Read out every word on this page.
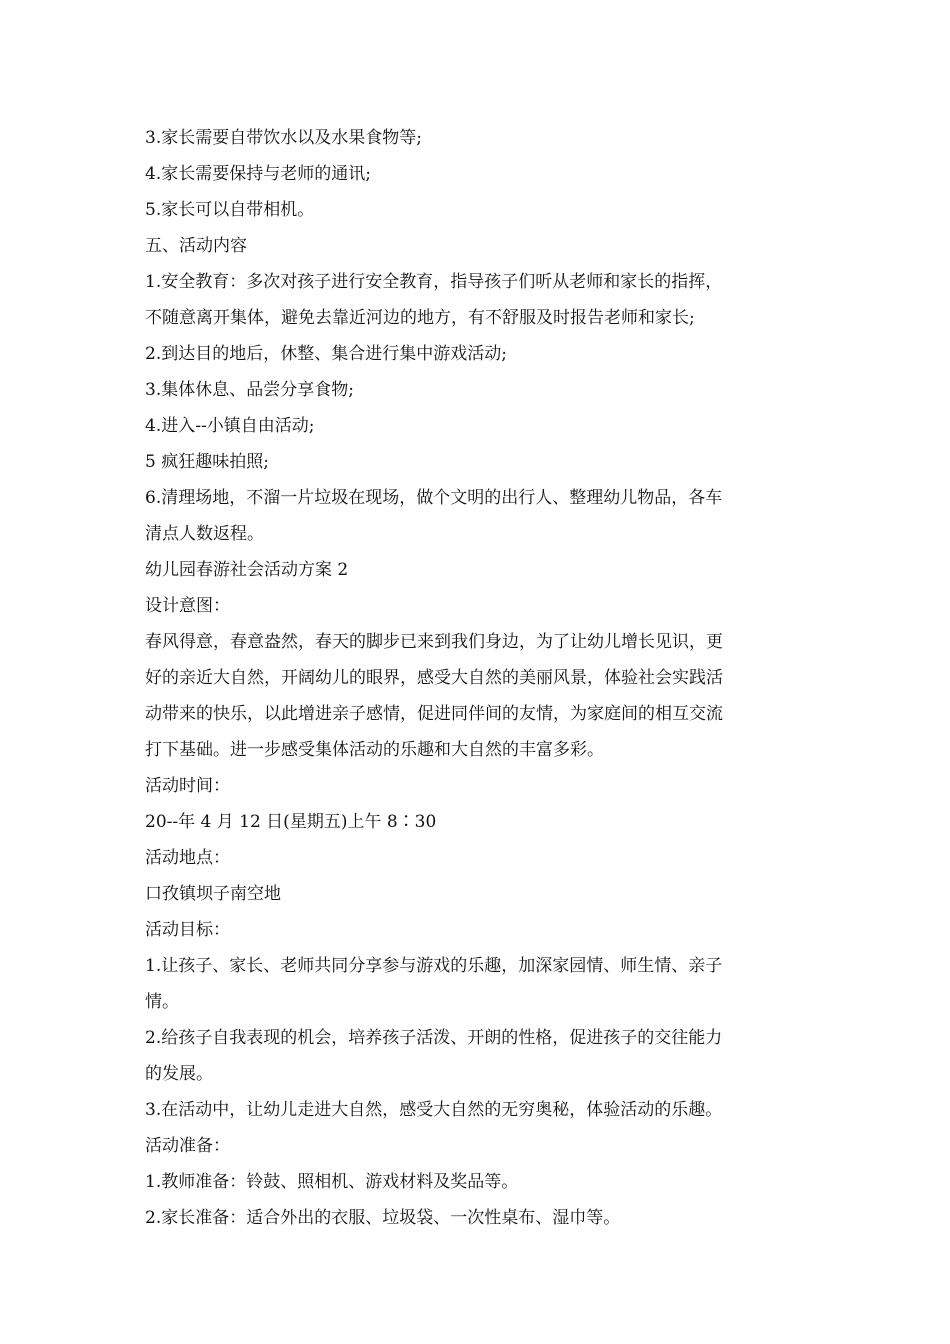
3.家长需要自带饮水以及水果食物等;

4.家长需要保持与老师的通讯;

5.家长可以自带相机。

五、活动内容

1.安全教育：多次对孩子进行安全教育，指导孩子们听从老师和家长的指挥，

不随意离开集体，避免去靠近河边的地方，有不舒服及时报告老师和家长;

2.到达目的地后，休整、集合进行集中游戏活动;

3.集体休息、品尝分享食物;

4.进入--小镇自由活动;

5 疯狂趣味拍照;

6.清理场地，不溜一片垃圾在现场，做个文明的出行人、整理幼儿物品，各车

清点人数返程。

幼儿园春游社会活动方案 2

设计意图：

春风得意，春意盎然，春天的脚步已来到我们身边，为了让幼儿增长见识，更

好的亲近大自然，开阔幼儿的眼界，感受大自然的美丽风景，体验社会实践活

动带来的快乐，以此增进亲子感情，促进同伴间的友情，为家庭间的相互交流

打下基础。进一步感受集体活动的乐趣和大自然的丰富多彩。

活动时间：

20--年 4 月 12 日(星期五)上午 8∶30

活动地点：

口孜镇坝子南空地

活动目标：

1.让孩子、家长、老师共同分享参与游戏的乐趣，加深家园情、师生情、亲子

情。

2.给孩子自我表现的机会，培养孩子活泼、开朗的性格，促进孩子的交往能力

的发展。

3.在活动中，让幼儿走进大自然，感受大自然的无穷奥秘，体验活动的乐趣。

活动准备：

1.教师准备：铃鼓、照相机、游戏材料及奖品等。

2.家长准备：适合外出的衣服、垃圾袋、一次性桌布、湿巾等。
